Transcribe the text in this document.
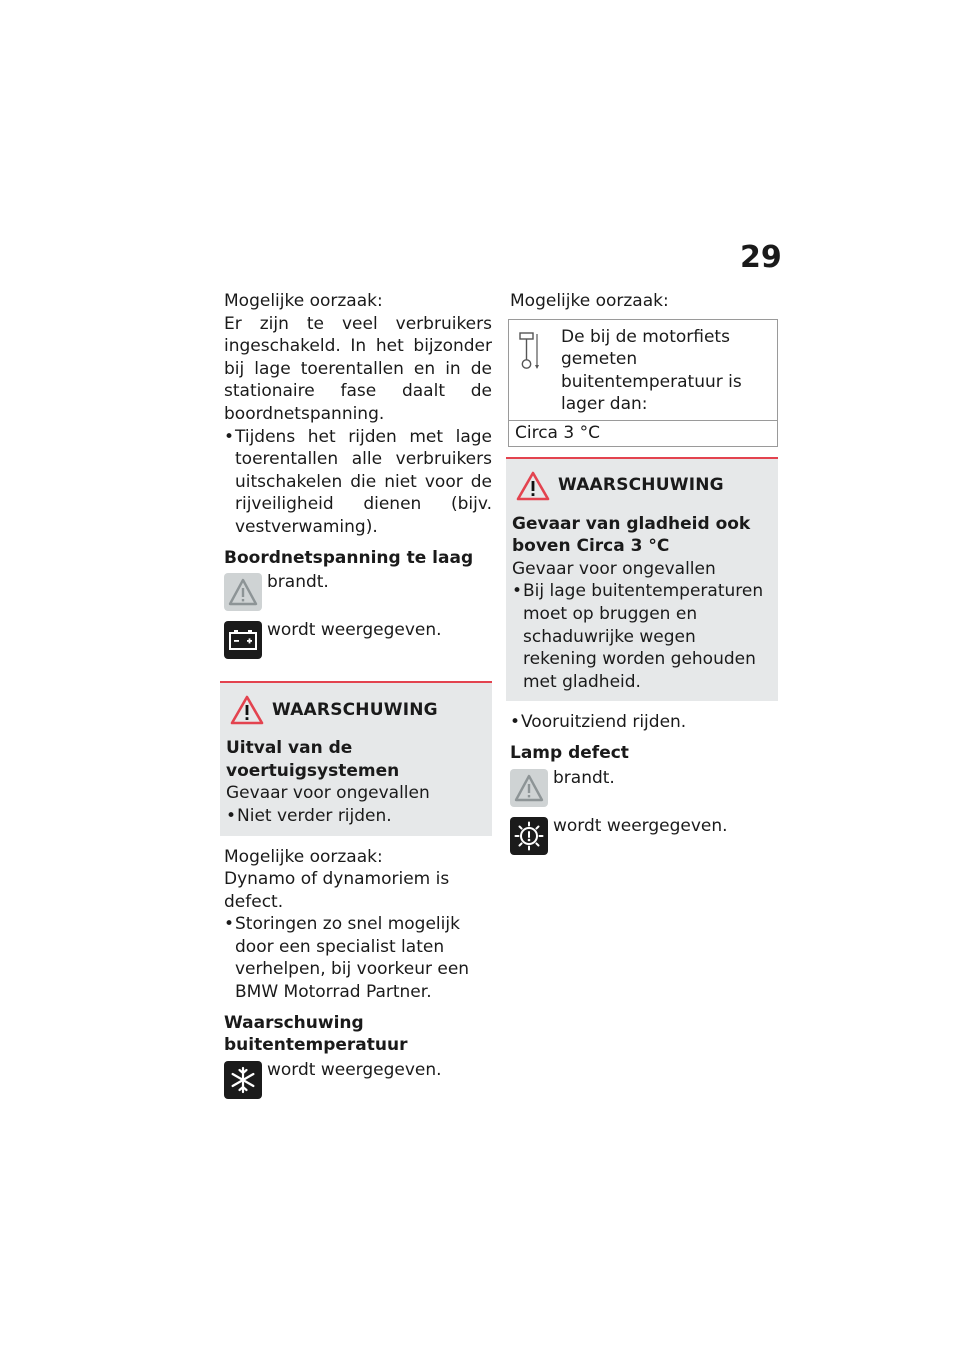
29

Mogelijke oorzaak:

Er zijn te veel verbruikers ingeschakeld. In het bijzonder bij lage toerentallen en in de stationaire fase daalt de boordnetspanning.

• Tijdens het rijden met lage toerentallen alle verbruikers uitschakelen die niet voor de rijveiligheid dienen (bijv. vestverwaming).

Boordnetspanning te laag

brandt.
wordt weergegeven.
WAARSCHUWING

Uitval van de voertuigsystemen

Gevaar voor ongevallen

• Niet verder rijden.

Mogelijke oorzaak:

Dynamo of dynamoriem is defect.

• Storingen zo snel mogelijk door een specialist laten verhelpen, bij voorkeur een BMW Motorrad Partner.

Waarschuwing buitentemperatuur

wordt weergegeven.

Mogelijke oorzaak:

De bij de motorfiets gemeten buitentemperatuur is lager dan:
Circa 3 °C
WAARSCHUWING

Gevaar van gladheid ook boven Circa 3 °C

Gevaar voor ongevallen

• Bij lage buitentemperaturen moet op bruggen en schaduwrijke wegen rekening worden gehouden met gladheid.
• Vooruitziend rijden.

Lamp defect

brandt.
wordt weergegeven.
